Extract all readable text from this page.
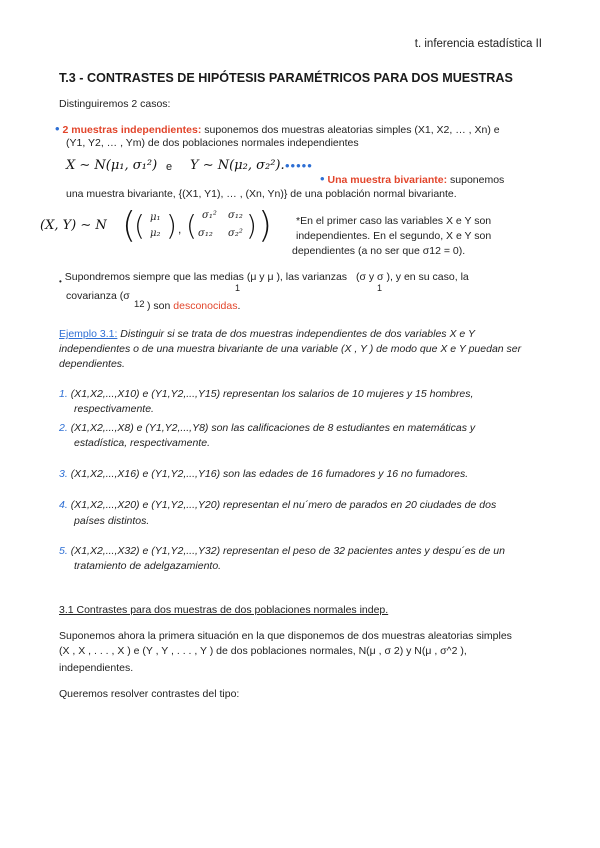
t. inferencia estadística II
T.3 - CONTRASTES DE HIPÓTESIS PARAMÉTRICOS PARA DOS MUESTRAS
Distinguiremos 2 casos:
• 2 muestras independientes: suponemos dos muestras aleatorias simples (X1, X2, … , Xn) e
(Y1, Y2, … , Ym) de dos poblaciones normales independientes
X ∼ N(μ₁, σ₁²) e Y ∼ N(μ₂, σ₂²). •••••
• Una muestra bivariante: suponemos
una muestra bivariante, {(X1, Y1), … , (Xn, Yn)} de una población normal bivariante.
(X, Y) ∼ N (
( μ₁
μ₂ ) , ( σ₁² σ₁₂
σ₁₂ σ₂² ) ) *En el primer caso las variables X e Y son
independientes. En el segundo, X e Y son
dependientes (a no ser que σ12 = 0).
$_•$ Supondremos siempre que las medias (μ y μ ), las varianzas (σ y σ ), y en su caso, la
1	1
covarianza (σ
12 ) son desconocidas.
Ejemplo 3.1: Distinguir si se trata de dos muestras independientes de dos variables X e Y
independientes o de una muestra bivariante de una variable (X , Y ) de modo que X e Y puedan ser
dependientes.
1. (X1,X2,...,X10) e (Y1,Y2,...,Y15) representan los salarios de 10 mujeres y 15 hombres,
respectivamente.
2. (X1,X2,...,X8) e (Y1,Y2,...,Y8) son las calificaciones de 8 estudiantes en matemáticas y
estadística, respectivamente.
3. (X1,X2,...,X16) e (Y1,Y2,...,Y16) son las edades de 16 fumadores y 16 no fumadores.
4. (X1,X2,...,X20) e (Y1,Y2,...,Y20) representan el nu´mero de parados en 20 ciudades de dos
países distintos.
5. (X1,X2,...,X32) e (Y1,Y2,...,Y32) representan el peso de 32 pacientes antes y despu´es de un
tratamiento de adelgazamiento.
3.1 Contrastes para dos muestras de dos poblaciones normales indep.
Suponemos ahora la primera situación en la que disponemos de dos muestras aleatorias simples
(X , X , . . . , X ) e (Y , Y , . . . , Y ) de dos poblaciones normales, N(μ , σ 2) y N(μ , σ^2 ),
independientes.
Queremos resolver contrastes del tipo:
